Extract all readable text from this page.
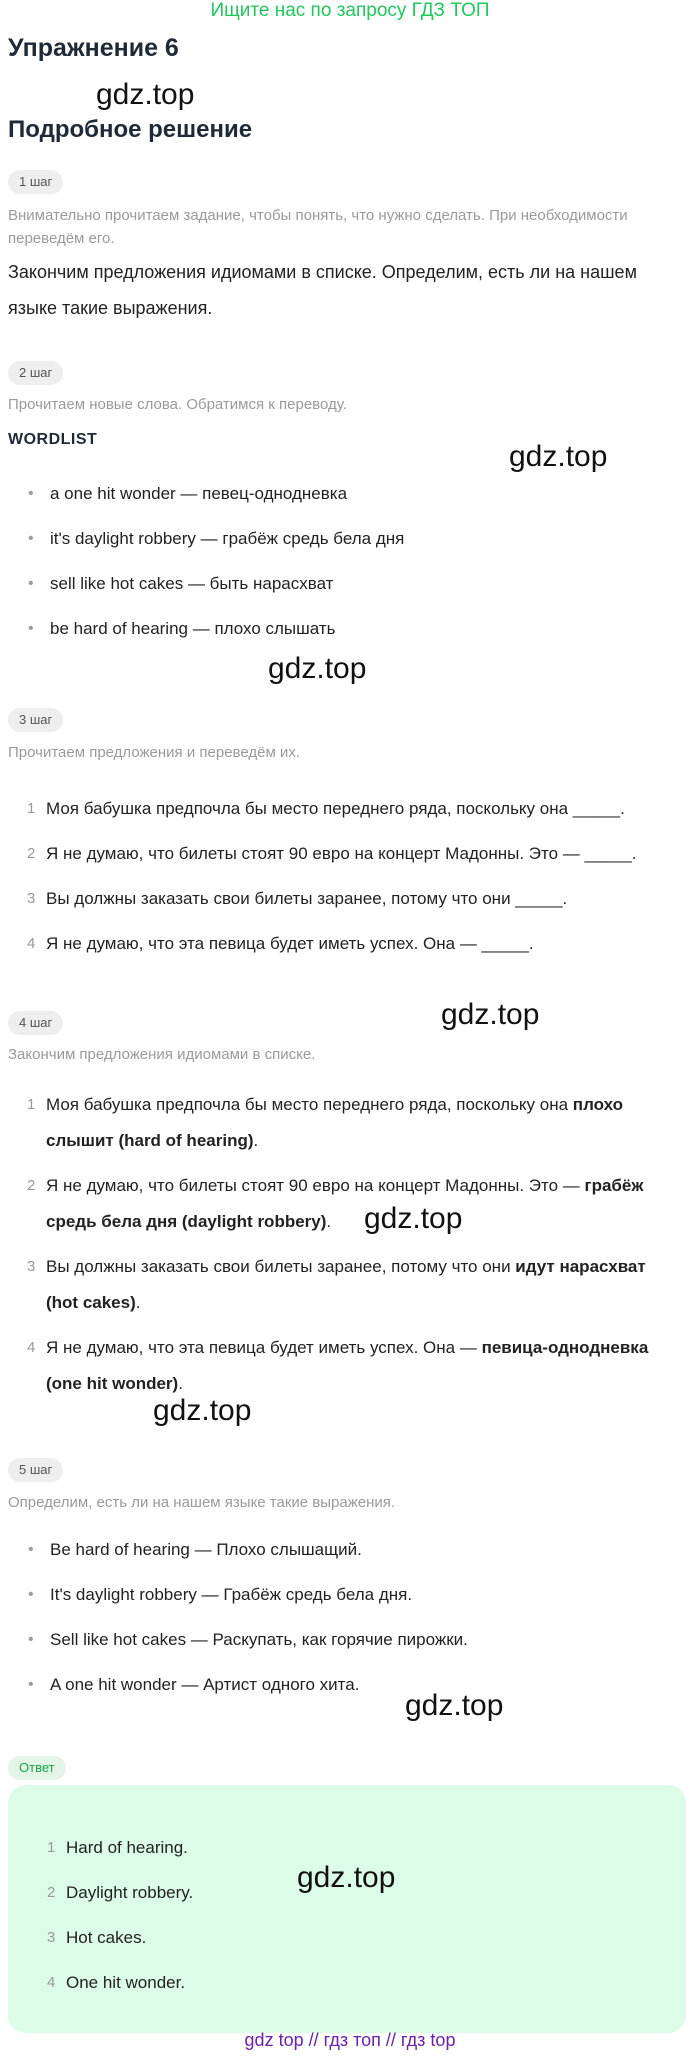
Ищите нас по запросу ГДЗ ТОП
Упражнение 6
gdz.top
Подробное решение
1 шаг
Внимательно прочитаем задание, чтобы понять, что нужно сделать. При необходимости переведём его.
Закончим предложения идиомами в списке. Определим, есть ли на нашем языке такие выражения.
2 шаг
Прочитаем новые слова. Обратимся к переводу.
WORDLIST
gdz.top
• a one hit wonder — певец-однодневка
• it's daylight robbery — грабёж средь бела дня
• sell like hot cakes — быть нарасхват
• be hard of hearing — плохо слышать
gdz.top
3 шаг
Прочитаем предложения и переведём их.
1 Моя бабушка предпочла бы место переднего ряда, поскольку она _____.
2 Я не думаю, что билеты стоят 90 евро на концерт Мадонны. Это — _____.
3 Вы должны заказать свои билеты заранее, потому что они _____.
4 Я не думаю, что эта певица будет иметь успех. Она — _____.
4 шаг	gdz.top
Закончим предложения идиомами в списке.
1 Моя бабушка предпочла бы место переднего ряда, поскольку она плохо слышит (hard of hearing).
2 Я не думаю, что билеты стоят 90 евро на концерт Мадонны. Это — грабёж средь бела дня (daylight robbery).
3 Вы должны заказать свои билеты заранее, потому что они идут нарасхват (hot cakes).
4 Я не думаю, что эта певица будет иметь успех. Она — певица-однодневка (one hit wonder).
gdz.top
gdz.top
5 шаг
Определим, есть ли на нашем языке такие выражения.
• Be hard of hearing — Плохо слышащий.
• It's daylight robbery — Грабёж средь бела дня.
• Sell like hot cakes — Раскупать, как горячие пирожки.
• A one hit wonder — Артист одного хита.
gdz.top
Ответ
1 Hard of hearing.
2 Daylight robbery.
3 Hot cakes.
4 One hit wonder.
gdz.top
gdz top // гдз топ // гдз top
